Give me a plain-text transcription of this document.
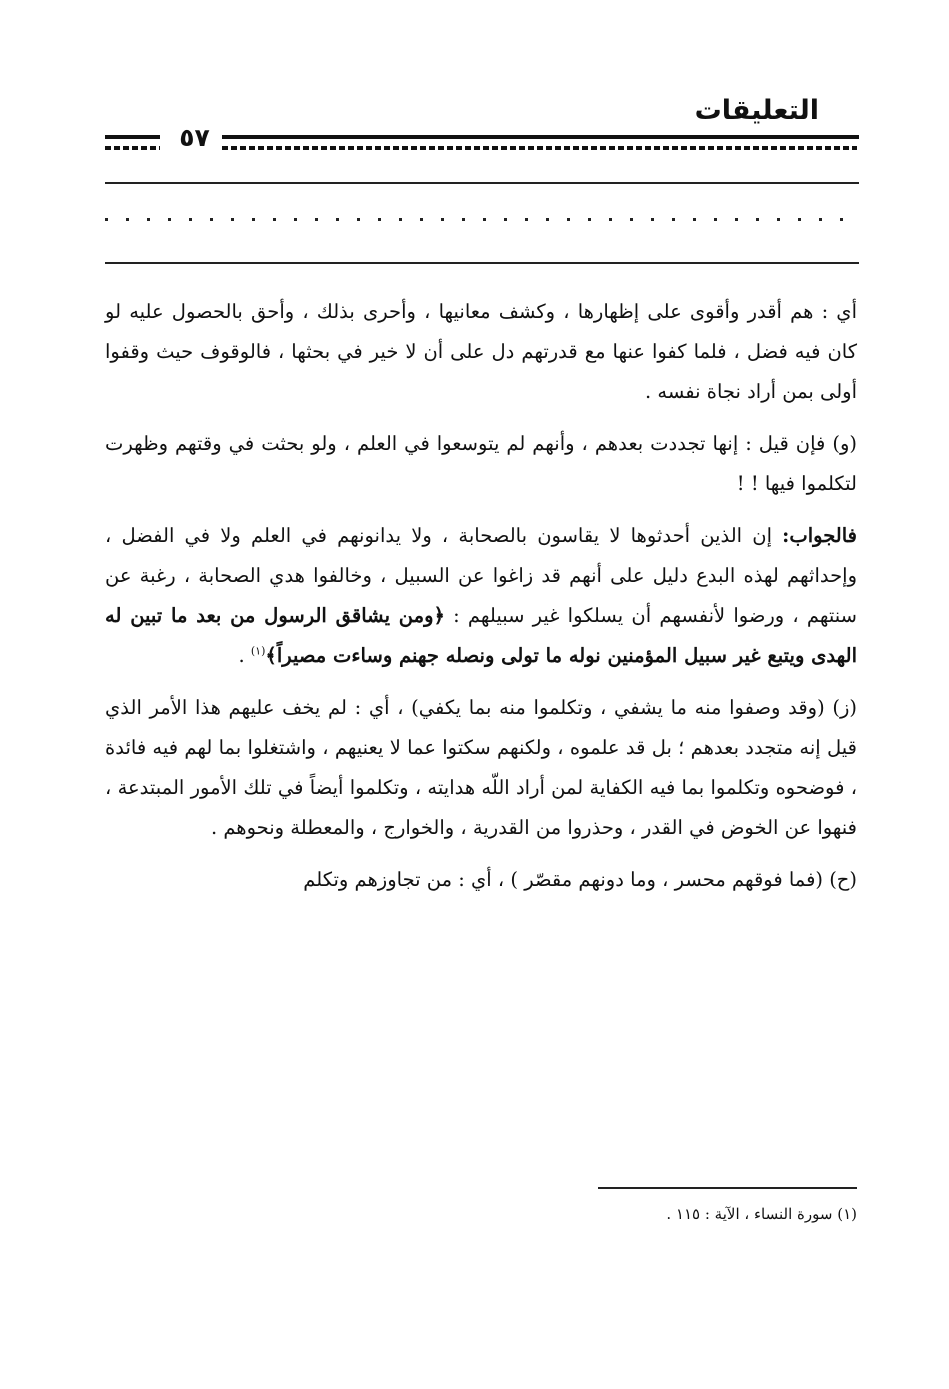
التعليقات
٥٧

أي : هم أقدر وأقوى على إظهارها ، وكشف معانيها ، وأحرى بذلك ، وأحق بالحصول عليه لو كان فيه فضل ، فلما كفوا عنها مع قدرتهم دل على أن لا خير في بحثها ، فالوقوف حيث وقفوا أولى بمن أراد نجاة نفسه .

(و) فإن قيل : إنها تجددت بعدهم ، وأنهم لم يتوسعوا في العلم ، ولو بحثت في وقتهم وظهرت لتكلموا فيها ! !

فالجواب: إن الذين أحدثوها لا يقاسون بالصحابة ، ولا يدانونهم في العلم ولا في الفضل ، وإحداثهم لهذه البدع دليل على أنهم قد زاغوا عن السبيل ، وخالفوا هدي الصحابة ، رغبة عن سنتهم ، ورضوا لأنفسهم أن يسلكوا غير سبيلهم : ﴿ومن يشاقق الرسول من بعد ما تبين له الهدى ويتبع غير سبيل المؤمنين نوله ما تولى ونصله جهنم وساءت مصيراً﴾$^{(١)}$ .

(ز) (وقد وصفوا منه ما يشفي ، وتكلموا منه بما يكفي) ، أي : لم يخف عليهم هذا الأمر الذي قيل إنه متجدد بعدهم ؛ بل قد علموه ، ولكنهم سكتوا عما لا يعنيهم ، واشتغلوا بما لهم فيه فائدة ، فوضحوه وتكلموا بما فيه الكفاية لمن أراد اللّه هدايته ، وتكلموا أيضاً في تلك الأمور المبتدعة ، فنهوا عن الخوض في القدر ، وحذروا من القدرية ، والخوارج ، والمعطلة ونحوهم .

(ح) (فما فوقهم محسر ، وما دونهم مقصّر ) ، أي : من تجاوزهم وتكلم

(١) سورة النساء ، الآية : ١١٥ .
